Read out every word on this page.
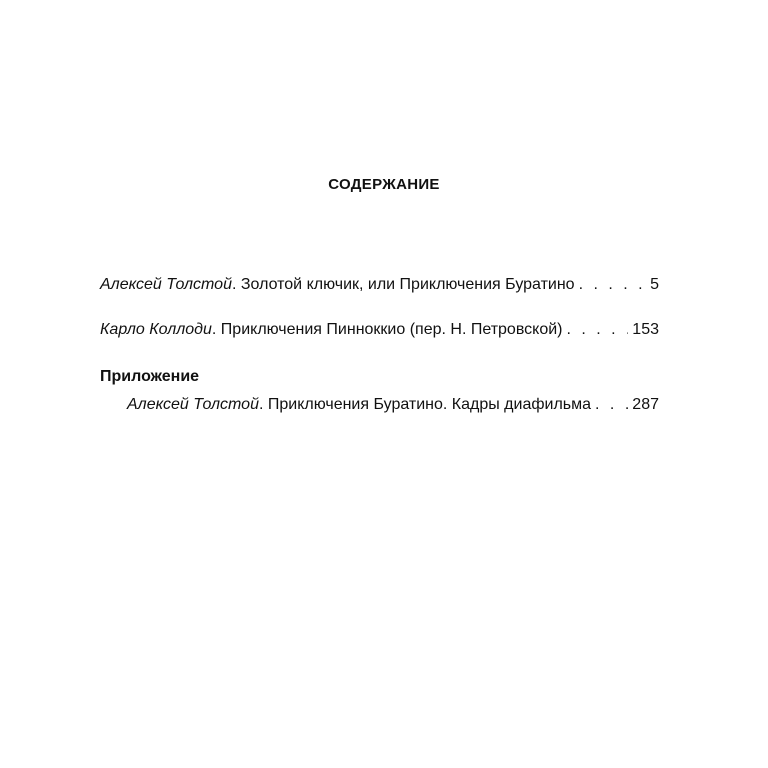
СОДЕРЖАНИЕ
Алексей Толстой. Золотой ключик, или Приключения Буратино . . .	5
Карло Коллоди. Приключения Пинноккио (пер. Н. Петровской) . . .	153
Приложение
Алексей Толстой. Приключения Буратино. Кадры диафильма . . .	287
